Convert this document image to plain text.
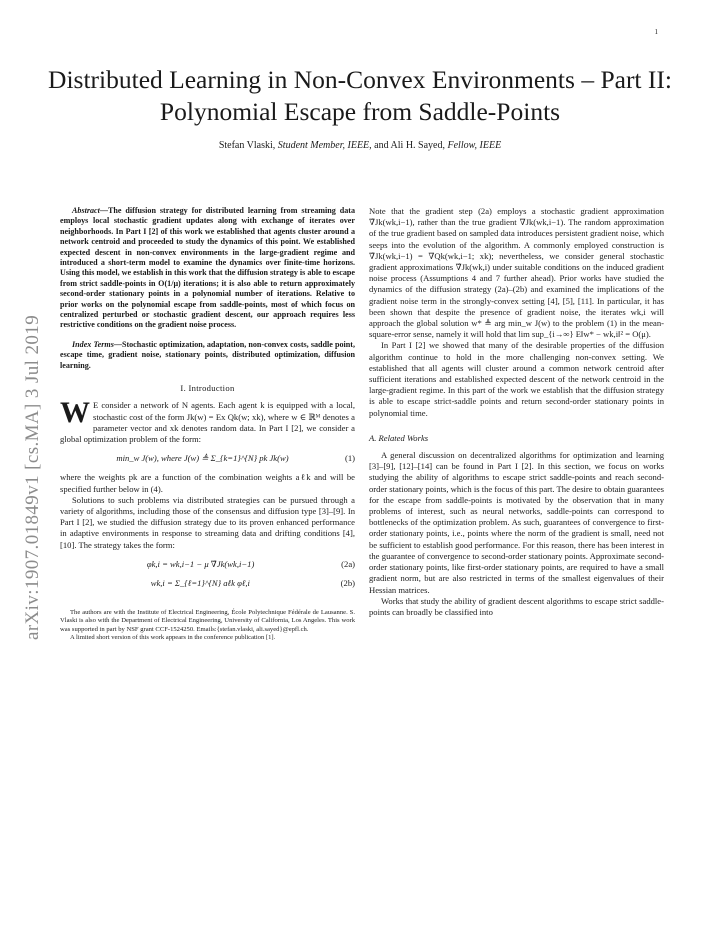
1
arXiv:1907.01849v1 [cs.MA] 3 Jul 2019
Distributed Learning in Non-Convex Environments – Part II: Polynomial Escape from Saddle-Points
Stefan Vlaski, Student Member, IEEE, and Ali H. Sayed, Fellow, IEEE

Abstract—The diffusion strategy for distributed learning from streaming data employs local stochastic gradient updates along with exchange of iterates over neighborhoods. In Part I [2] of this work we established that agents cluster around a network centroid and proceeded to study the dynamics of this point. We established expected descent in non-convex environments in the large-gradient regime and introduced a short-term model to examine the dynamics over finite-time horizons. Using this model, we establish in this work that the diffusion strategy is able to escape from strict saddle-points in O(1/μ) iterations; it is also able to return approximately second-order stationary points in a polynomial number of iterations. Relative to prior works on the polynomial escape from saddle-points, most of which focus on centralized perturbed or stochastic gradient descent, our approach requires less restrictive conditions on the gradient noise process.

Index Terms—Stochastic optimization, adaptation, non-convex costs, saddle point, escape time, gradient noise, stationary points, distributed optimization, diffusion learning.

I. Introduction

W E consider a network of N agents. Each agent k is equipped with a local, stochastic cost of the form Jk(w) = Ex Qk(w; xk), where w ∈ ℝᴹ denotes a parameter vector and xk denotes random data. In Part I [2], we consider a global optimization problem of the form:

min_w J(w), where J(w) ≜ Σ_{k=1}^{N} pk Jk(w)	(1)

where the weights pk are a function of the combination weights aℓk and will be specified further below in (4).

Solutions to such problems via distributed strategies can be pursued through a variety of algorithms, including those of the consensus and diffusion type [3]–[9]. In Part I [2], we studied the diffusion strategy due to its proven enhanced performance in adaptive environments in response to streaming data and drifting conditions [4], [10]. The strategy takes the form:

φk,i = wk,i−1 − μ ∇̂Jk(wk,i−1)	(2a)
wk,i = Σ_{ℓ=1}^{N} aℓk φℓ,i	(2b)

The authors are with the Institute of Electrical Engineering, École Polytechnique Fédérale de Lausanne. S. Vlaski is also with the Department of Electrical Engineering, University of California, Los Angeles. This work was supported in part by NSF grant CCF-1524250. Emails:{stefan.vlaski, ali.sayed}@epfl.ch.

A limited short version of this work appears in the conference publication [1].

Note that the gradient step (2a) employs a stochastic gradient approximation ∇̂Jk(wk,i−1), rather than the true gradient ∇Jk(wk,i−1). The random approximation of the true gradient based on sampled data introduces persistent gradient noise, which seeps into the evolution of the algorithm. A commonly employed construction is ∇̂Jk(wk,i−1) = ∇Qk(wk,i−1; xk); nevertheless, we consider general stochastic gradient approximations ∇̂Jk(wk,i) under suitable conditions on the induced gradient noise process (Assumptions 4 and 7 further ahead). Prior works have studied the dynamics of the diffusion strategy (2a)–(2b) and examined the implications of the gradient noise term in the strongly-convex setting [4], [5], [11]. In particular, it has been shown that despite the presence of gradient noise, the iterates wk,i will approach the global solution w* ≜ arg min_w J(w) to the problem (1) in the mean-square-error sense, namely it will hold that lim sup_{i→∞} E‖w* − wk,i‖² = O(μ).

In Part I [2] we showed that many of the desirable properties of the diffusion algorithm continue to hold in the more challenging non-convex setting. We established that all agents will cluster around a common network centroid after sufficient iterations and established expected descent of the network centroid in the large-gradient regime. In this part of the work we establish that the diffusion strategy is able to escape strict-saddle points and return second-order stationary points in polynomial time.

A. Related Works

A general discussion on decentralized algorithms for optimization and learning [3]–[9], [12]–[14] can be found in Part I [2]. In this section, we focus on works studying the ability of algorithms to escape strict saddle-points and reach second-order stationary points, which is the focus of this part. The desire to obtain guarantees for the escape from saddle-points is motivated by the observation that in many problems of interest, such as neural networks, saddle-points can correspond to bottlenecks of the optimization problem. As such, guarantees of convergence to first-order stationary points, i.e., points where the norm of the gradient is small, need not be sufficient to establish good performance. For this reason, there has been interest in the guarantee of convergence to second-order stationary points. Approximate second-order stationary points, like first-order stationary points, are required to have a small gradient norm, but are also restricted in terms of the smallest eigenvalues of their Hessian matrices.

Works that study the ability of gradient descent algorithms to escape strict saddle-points can broadly be classified into
